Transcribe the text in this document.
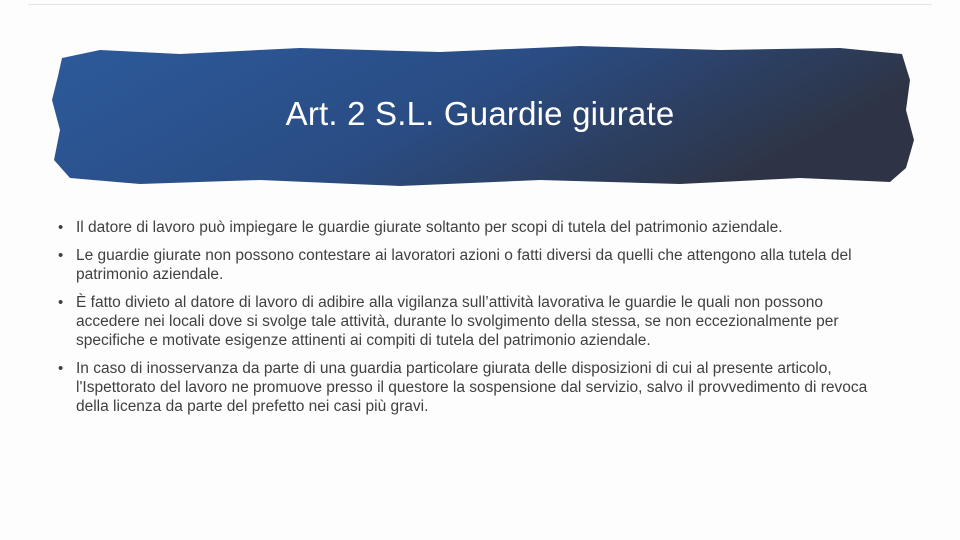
Art. 2 S.L. Guardie giurate
• Il datore di lavoro può impiegare le guardie giurate soltanto per scopi di tutela del patrimonio aziendale.
• Le guardie giurate non possono contestare ai lavoratori azioni o fatti diversi da quelli che attengono alla tutela del patrimonio aziendale.
• È fatto divieto al datore di lavoro di adibire alla vigilanza sull’attività lavorativa le guardie le quali non possono accedere nei locali dove si svolge tale attività, durante lo svolgimento della stessa, se non eccezionalmente per specifiche e motivate esigenze attinenti ai compiti di tutela del patrimonio aziendale.
• In caso di inosservanza da parte di una guardia particolare giurata delle disposizioni di cui al presente articolo, l'Ispettorato del lavoro ne promuove presso il questore la sospensione dal servizio, salvo il provvedimento di revoca della licenza da parte del prefetto nei casi più gravi.
